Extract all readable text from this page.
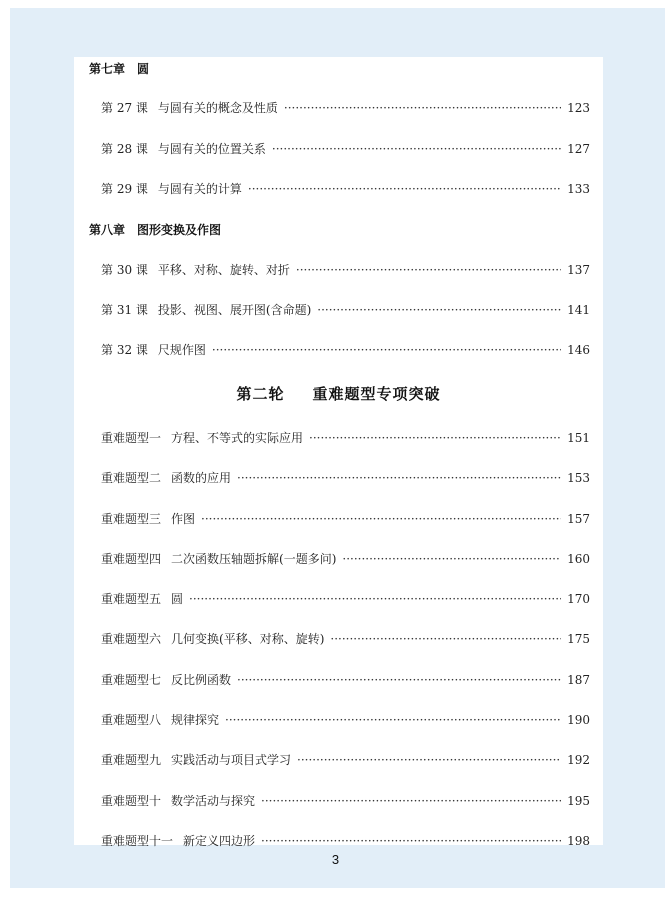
第七章 圆
第 27 课 与圆有关的概念及性质 ·····	123
第 28 课 与圆有关的位置关系 ·····	127
第 29 课 与圆有关的计算 ·····	133
第八章 图形变换及作图
第 30 课 平移、对称、旋转、对折 ·····	137
第 31 课 投影、视图、展开图(含命题) ·····	141
第 32 课 尺规作图 ·····	146
第二轮 重难题型专项突破
重难题型一 方程、不等式的实际应用 ·····	151
重难题型二 函数的应用 ·····	153
重难题型三 作图 ·····	157
重难题型四 二次函数压轴题拆解(一题多问) ·····	160
重难题型五 圆 ·····	170
重难题型六 几何变换(平移、对称、旋转) ·····	175
重难题型七 反比例函数 ·····	187
重难题型八 规律探究 ·····	190
重难题型九 实践活动与项目式学习 ·····	192
重难题型十 数学活动与探究 ·····	195
重难题型十一 新定义四边形 ·····	198
3
